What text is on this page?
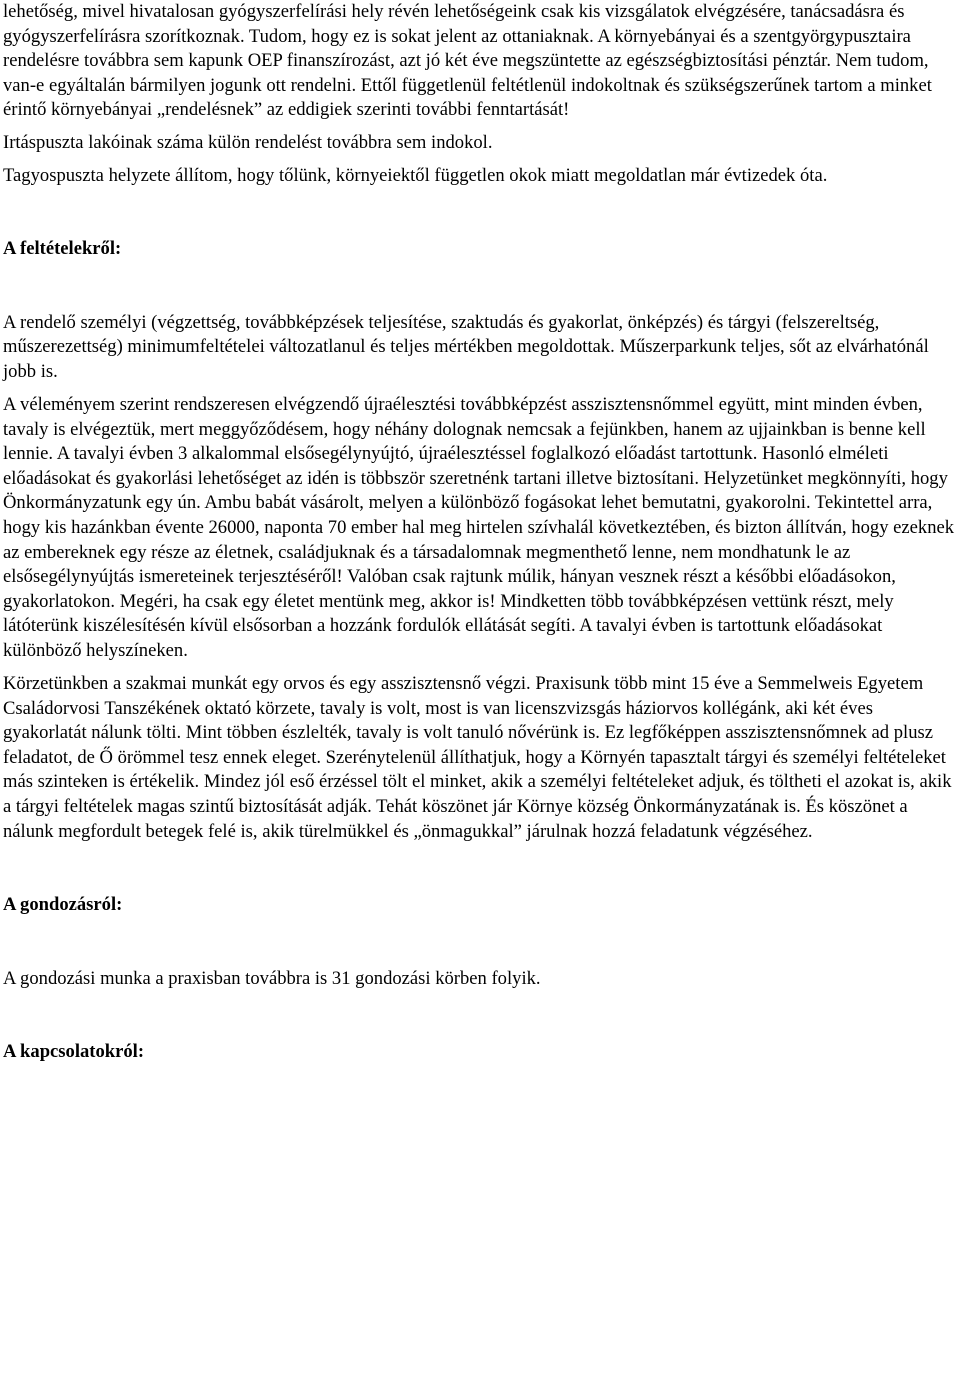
lehetőség, mivel hivatalosan gyógyszerfelírási hely révén lehetőségeink csak kis vizsgálatok elvégzésére, tanácsadásra és gyógyszerfelírásra szorítkoznak. Tudom, hogy ez is sokat jelent az ottaniaknak. A környebányai és a szentgyörgypusztaira rendelésre továbbra sem kapunk OEP finanszírozást, azt jó két éve megszüntette az egészségbiztosítási pénztár. Nem tudom, van-e egyáltalán bármilyen jogunk ott rendelni. Ettől függetlenül feltétlenül indokoltnak és szükségszerűnek tartom a minket érintő környebányai „rendelésnek” az eddigiek szerinti további fenntartását!

Irtáspuszta lakóinak száma külön rendelést továbbra sem indokol.

Tagyospuszta helyzete állítom, hogy tőlünk, környeiektől független okok miatt megoldatlan már évtizedek óta.

A feltételekről:

A rendelő személyi (végzettség, továbbképzések teljesítése, szaktudás és gyakorlat, önképzés) és tárgyi (felszereltség, műszerezettség) minimumfeltételei változatlanul és teljes mértékben megoldottak. Műszerparkunk teljes, sőt az elvárhatónál jobb is.

A véleményem szerint rendszeresen elvégzendő újraélesztési továbbképzést asszisztensnőmmel együtt, mint minden évben, tavaly is elvégeztük, mert meggyőződésem, hogy néhány dolognak nemcsak a fejünkben, hanem az ujjainkban is benne kell lennie. A tavalyi évben 3 alkalommal elsősegélynyújtó, újraélesztéssel foglalkozó előadást tartottunk. Hasonló elméleti előadásokat és gyakorlási lehetőséget az idén is többször szeretnénk tartani illetve biztosítani. Helyzetünket megkönnyíti, hogy Önkormányzatunk egy ún. Ambu babát vásárolt, melyen a különböző fogásokat lehet bemutatni, gyakorolni. Tekintettel arra, hogy kis hazánkban évente 26000, naponta 70 ember hal meg hirtelen szívhalál következtében, és bizton állítván, hogy ezeknek az embereknek egy része az életnek, családjuknak és a társadalomnak megmenthető lenne, nem mondhatunk le az elsősegélynyújtás ismereteinek terjesztéséről! Valóban csak rajtunk múlik, hányan vesznek részt a későbbi előadásokon, gyakorlatokon. Megéri, ha csak egy életet mentünk meg, akkor is! Mindketten több továbbképzésen vettünk részt, mely látóterünk kiszélesítésén kívül elsősorban a hozzánk fordulók ellátását segíti. A tavalyi évben is tartottunk előadásokat különböző helyszíneken.

Körzetünkben a szakmai munkát egy orvos és egy asszisztensnő végzi. Praxisunk több mint 15 éve a Semmelweis Egyetem Családorvosi Tanszékének oktató körzete, tavaly is volt, most is van licenszvizsgás háziorvos kollégánk, aki két éves gyakorlatát nálunk tölti. Mint többen észlelték, tavaly is volt tanuló nővérünk is. Ez legfőképpen asszisztensnőmnek ad plusz feladatot, de Ő örömmel tesz ennek eleget. Szerénytelenül állíthatjuk, hogy a Környén tapasztalt tárgyi és személyi feltételeket más szinteken is értékelik. Mindez jól eső érzéssel tölt el minket, akik a személyi feltételeket adjuk, és töltheti el azokat is, akik a tárgyi feltételek magas szintű biztosítását adják. Tehát köszönet jár Környe község Önkormányzatának is. És köszönet a nálunk megfordult betegek felé is, akik türelmükkel és „önmagukkal” járulnak hozzá feladatunk végzéséhez.

A gondozásról:

A gondozási munka a praxisban továbbra is 31 gondozási körben folyik.

A kapcsolatokról:
